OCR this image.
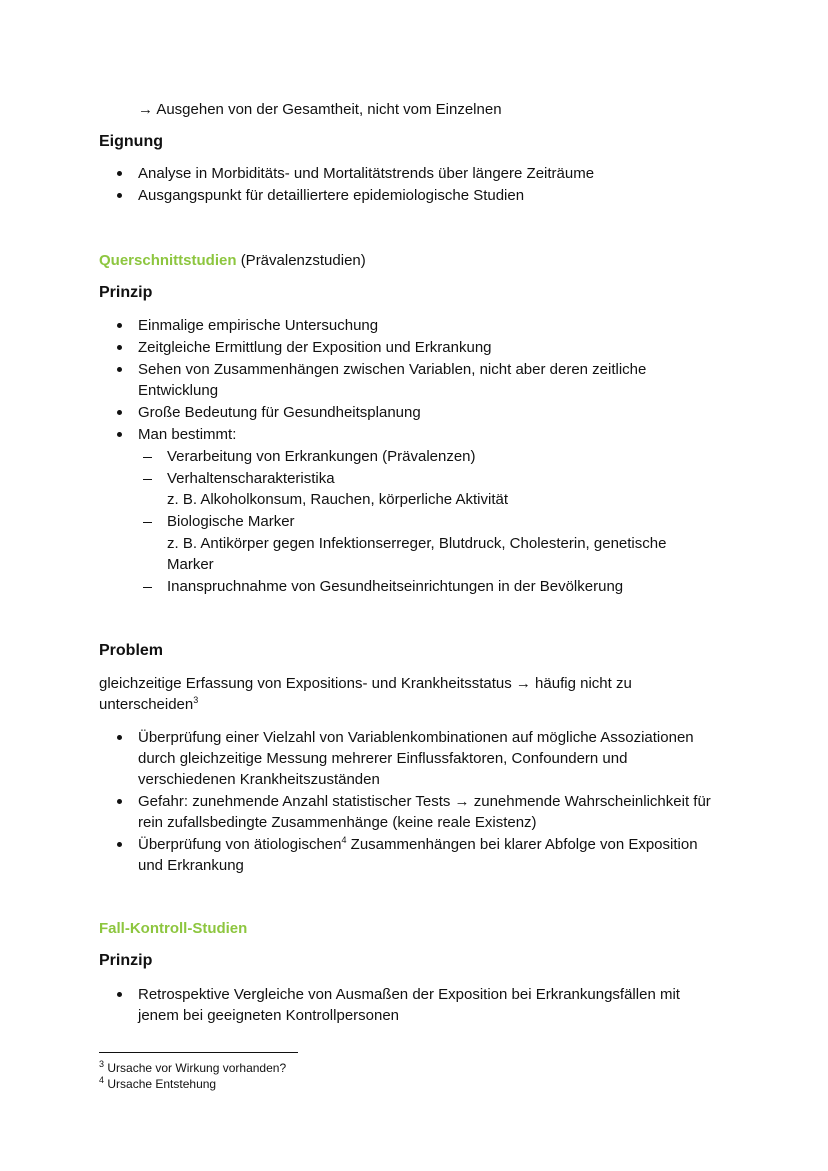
→ Ausgehen von der Gesamtheit, nicht vom Einzelnen
Eignung
Analyse in Morbiditäts- und Mortalitätstrends über längere Zeiträume
Ausgangspunkt für detailliertere epidemiologische Studien
Querschnittstudien (Prävalenzstudien)
Prinzip
Einmalige empirische Untersuchung
Zeitgleiche Ermittlung der Exposition und Erkrankung
Sehen von Zusammenhängen zwischen Variablen, nicht aber deren zeitliche
Entwicklung
Große Bedeutung für Gesundheitsplanung
Man bestimmt:
Verarbeitung von Erkrankungen (Prävalenzen)
Verhaltenscharakteristika
z. B. Alkoholkonsum, Rauchen, körperliche Aktivität
Biologische Marker
z. B. Antikörper gegen Infektionserreger, Blutdruck, Cholesterin, genetische
Marker
Inanspruchnahme von Gesundheitseinrichtungen in der Bevölkerung
Problem
gleichzeitige Erfassung von Expositions- und Krankheitsstatus → häufig nicht zu
unterscheiden$^3$
Überprüfung einer Vielzahl von Variablenkombinationen auf mögliche Assoziationen
durch gleichzeitige Messung mehrerer Einflussfaktoren, Confoundern und
verschiedenen Krankheitszuständen
Gefahr: zunehmende Anzahl statistischer Tests → zunehmende Wahrscheinlichkeit für
rein zufallsbedingte Zusammenhänge (keine reale Existenz)
Überprüfung von ätiologischen$^4$ Zusammenhängen bei klarer Abfolge von Exposition
und Erkrankung
Fall-Kontroll-Studien
Prinzip
Retrospektive Vergleiche von Ausmaßen der Exposition bei Erkrankungsfällen mit
jenem bei geeigneten Kontrollpersonen
$^3$ Ursache vor Wirkung vorhanden?
$^4$ Ursache Entstehung
